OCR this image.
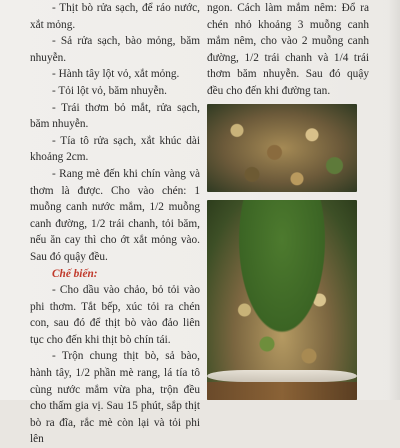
- Thịt bò rửa sạch, để ráo nước, xắt mỏng.

- Sả rửa sạch, bào mỏng, băm nhuyễn.

- Hành tây lột vỏ, xắt mỏng.

- Tỏi lột vỏ, băm nhuyễn.

- Trái thơm bỏ mắt, rửa sạch, băm nhuyễn.

- Tía tô rửa sạch, xắt khúc dài khoảng 2cm.

- Rang mè đến khi chín vàng và thơm là được. Cho vào chén: 1 muỗng canh nước mắm, 1/2 muỗng canh đường, 1/2 trái chanh, tỏi băm, nếu ăn cay thì cho ớt xắt mỏng vào. Sau đó quậy đều.

Chế biến:

- Cho dầu vào chảo, bỏ tỏi vào phi thơm. Tắt bếp, xúc tỏi ra chén con, sau đó để thịt bò vào đảo liên tục cho đến khi thịt bò chín tái.

- Trộn chung thịt bò, sả bào, hành tây, 1/2 phần mè rang, lá tía tô cùng nước mắm vừa pha, trộn đều cho thấm gia vị. Sau 15 phút, sắp thịt bò ra đĩa, rắc mè còn lại và tỏi phi lên

ngon. Cách làm mắm nêm: Đổ ra chén nhỏ khoảng 3 muỗng canh mắm nêm, cho vào 2 muỗng canh đường, 1/2 trái chanh và 1/4 trái thơm băm nhuyễn. Sau đó quậy đều cho đến khi đường tan.
